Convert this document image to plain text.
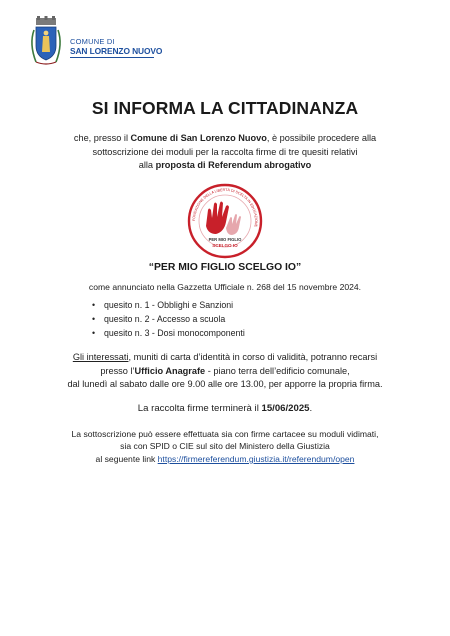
COMUNE DI
SAN LORENZO NUOVO
SI INFORMA LA CITTADINANZA
che, presso il Comune di San Lorenzo Nuovo, è possibile procedere alla
sottoscrizione dei moduli per la raccolta firme di tre quesiti relativi
alla proposta di Referendum abrogativo
FONDAZIONE DELLA LIBERTÀ DI SCELTA IN EDUCAZIONE
PER MIO FIGLIO
SCELGO IO
“PER MIO FIGLIO SCELGO IO”
come annunciato nella Gazzetta Ufficiale n. 268 del 15 novembre 2024.
• quesito n. 1 - Obblighi e Sanzioni
• quesito n. 2 - Accesso a scuola
• quesito n. 3 - Dosi monocomponenti
Gli interessati, muniti di carta d’identità in corso di validità, potranno recarsi
presso l’Ufficio Anagrafe - piano terra dell’edificio comunale,
dal lunedì al sabato dalle ore 9.00 alle ore 13.00, per apporre la propria firma.
La raccolta firme terminerà il 15/06/2025.
La sottoscrizione può essere effettuata sia con firme cartacee su moduli vidimati,
sia con SPID o CIE sul sito del Ministero della Giustizia
al seguente link https://firmereferendum.giustizia.it/referendum/open
